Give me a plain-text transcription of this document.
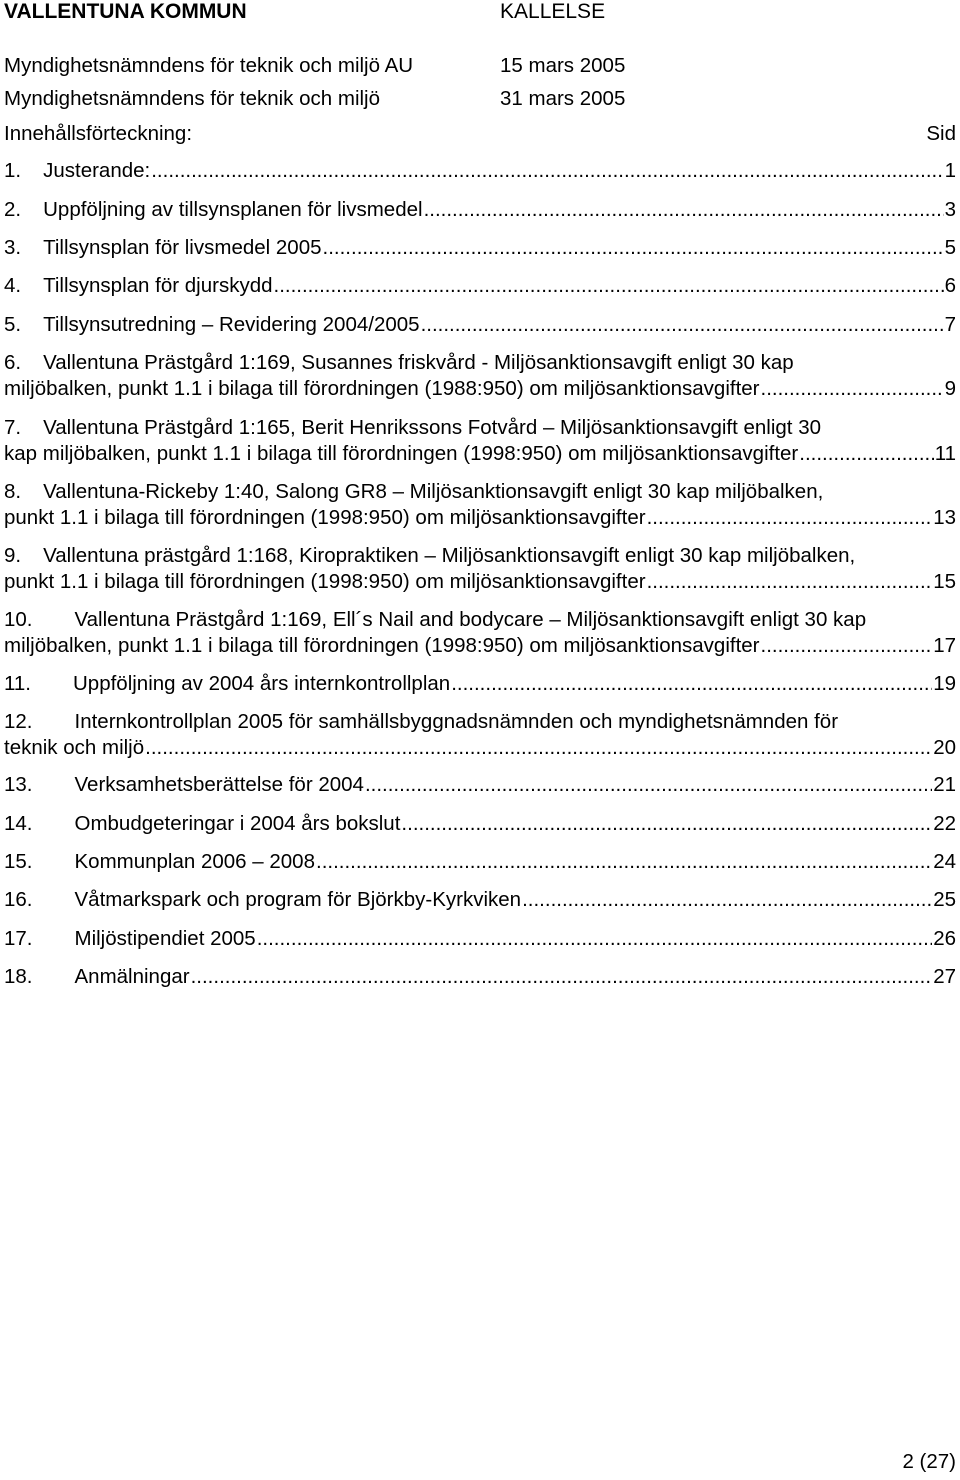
VALLENTUNA KOMMUN	KALLELSE
Myndighetsnämndens för teknik och miljö AU	15 mars 2005
Myndighetsnämndens för teknik och miljö	31 mars 2005
Innehållsförteckning:	Sid
1. Justerande: .....	1
2. Uppföljning av tillsynsplanen för livsmedel .....	3
3. Tillsynsplan för livsmedel 2005 .....	5
4. Tillsynsplan för djurskydd .....	6
5. Tillsynsutredning – Revidering 2004/2005 .....	7
6. Vallentuna Prästgård 1:169, Susannes friskvård - Miljösanktionsavgift enligt 30 kap
miljöbalken, punkt 1.1 i bilaga till förordningen (1988:950) om miljösanktionsavgifter .....	9
7. Vallentuna Prästgård 1:165, Berit Henrikssons Fotvård – Miljösanktionsavgift enligt 30
kap miljöbalken, punkt 1.1 i bilaga till förordningen (1998:950) om miljösanktionsavgifter .....	11
8. Vallentuna-Rickeby 1:40, Salong GR8 – Miljösanktionsavgift enligt 30 kap miljöbalken,
punkt 1.1 i bilaga till förordningen (1998:950) om miljösanktionsavgifter .....	13
9. Vallentuna prästgård 1:168, Kiropraktiken – Miljösanktionsavgift enligt 30 kap miljöbalken,
punkt 1.1 i bilaga till förordningen (1998:950) om miljösanktionsavgifter .....	15
10. Vallentuna Prästgård 1:169, Ell´s Nail and bodycare – Miljösanktionsavgift enligt 30 kap
miljöbalken, punkt 1.1 i bilaga till förordningen (1998:950) om miljösanktionsavgifter .....	17
11. Uppföljning av 2004 års internkontrollplan .....	19
12. Internkontrollplan 2005 för samhällsbyggnadsnämnden och myndighetsnämnden för
teknik och miljö .....	20
13. Verksamhetsberättelse för 2004 .....	21
14. Ombudgeteringar i 2004 års bokslut .....	22
15. Kommunplan 2006 – 2008 .....	24
16. Våtmarkspark och program för Björkby-Kyrkviken .....	25
17. Miljöstipendiet 2005 .....	26
18. Anmälningar .....	27
2 (27)
